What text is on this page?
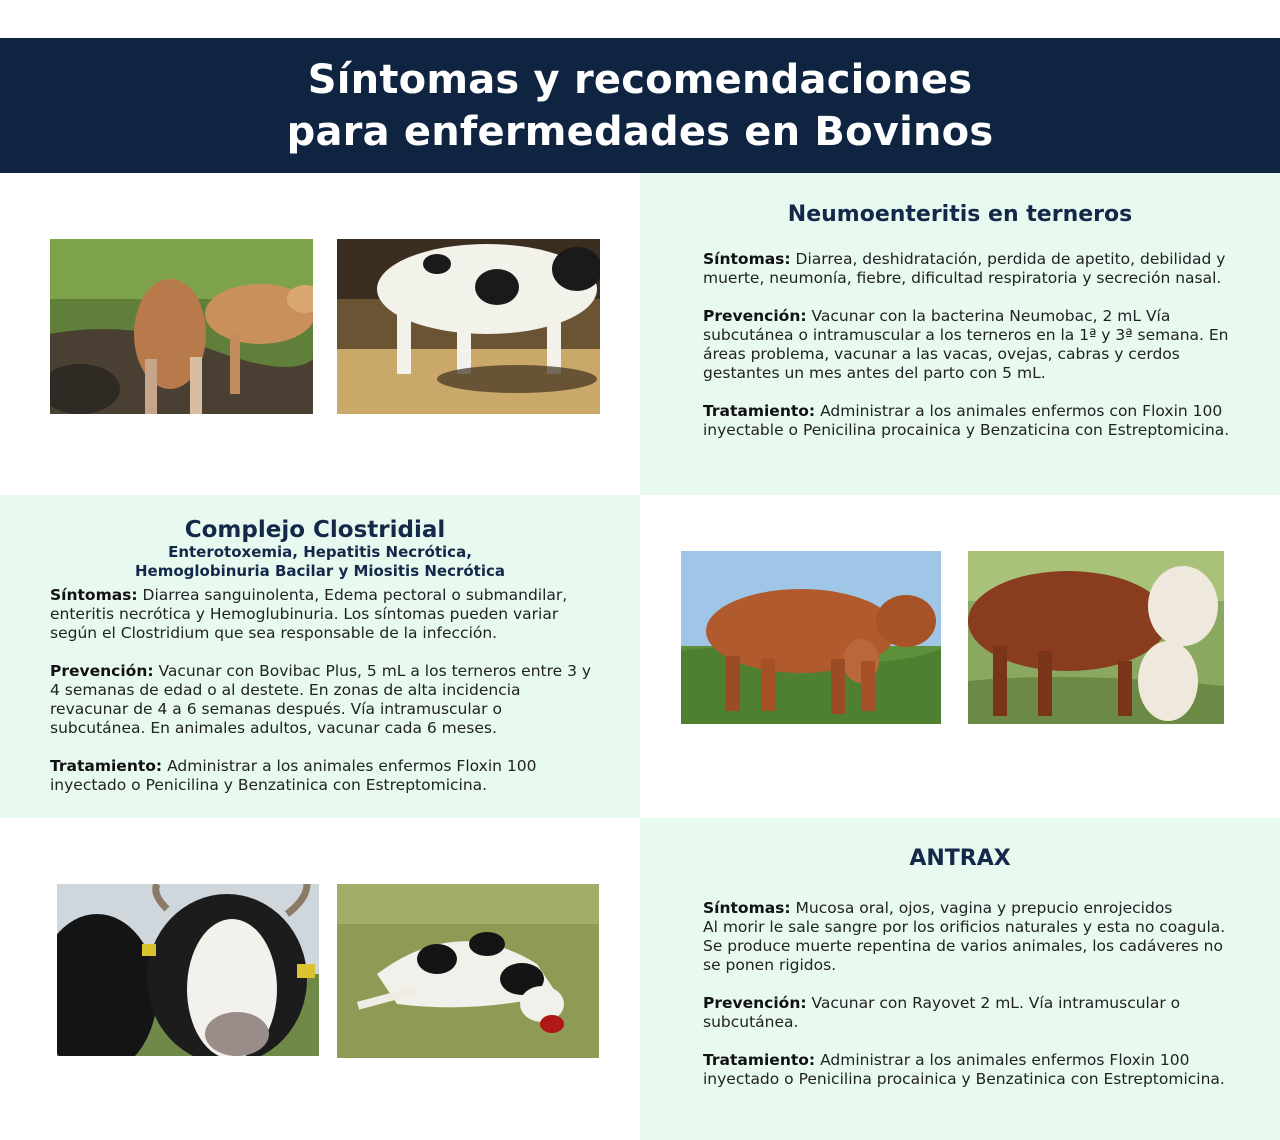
Síntomas y recomendaciones
para enfermedades en Bovinos
Neumoenteritis en terneros
Síntomas: Diarrea, deshidratación, perdida de apetito, debilidad y
muerte, neumonía, fiebre, dificultad respiratoria y secreción nasal.
Prevención: Vacunar con la bacterina Neumobac, 2 mL Vía
subcutánea o intramuscular a los terneros en la 1ª y 3ª semana. En
áreas problema, vacunar a las vacas, ovejas, cabras y cerdos
gestantes un mes antes del parto con 5 mL.
Tratamiento: Administrar a los animales enfermos con Floxin 100
inyectable o Penicilina procainica y Benzaticina con Estreptomicina.
Complejo Clostridial
Enterotoxemia, Hepatitis Necrótica,
Hemoglobinuria Bacilar y Miositis Necrótica
Síntomas: Diarrea sanguinolenta, Edema pectoral o submandilar,
enteritis necrótica y Hemoglubinuria. Los síntomas pueden variar
según el Clostridium que sea responsable de la infección.
Prevención: Vacunar con Bovibac Plus, 5 mL a los terneros entre 3 y
4 semanas de edad o al destete. En zonas de alta incidencia
revacunar de 4 a 6 semanas después. Vía intramuscular o
subcutánea. En animales adultos, vacunar cada 6 meses.
Tratamiento: Administrar a los animales enfermos Floxin 100
inyectado o Penicilina y Benzatinica con Estreptomicina.
ANTRAX
Síntomas: Mucosa oral, ojos, vagina y prepucio enrojecidos
Al morir le sale sangre por los orificios naturales y esta no coagula.
Se produce muerte repentina de varios animales, los cadáveres no
se ponen rigidos.
Prevención: Vacunar con Rayovet 2 mL. Vía intramuscular o
subcutánea.
Tratamiento: Administrar a los animales enfermos Floxin 100
inyectado o Penicilina procainica y Benzatinica con Estreptomicina.
